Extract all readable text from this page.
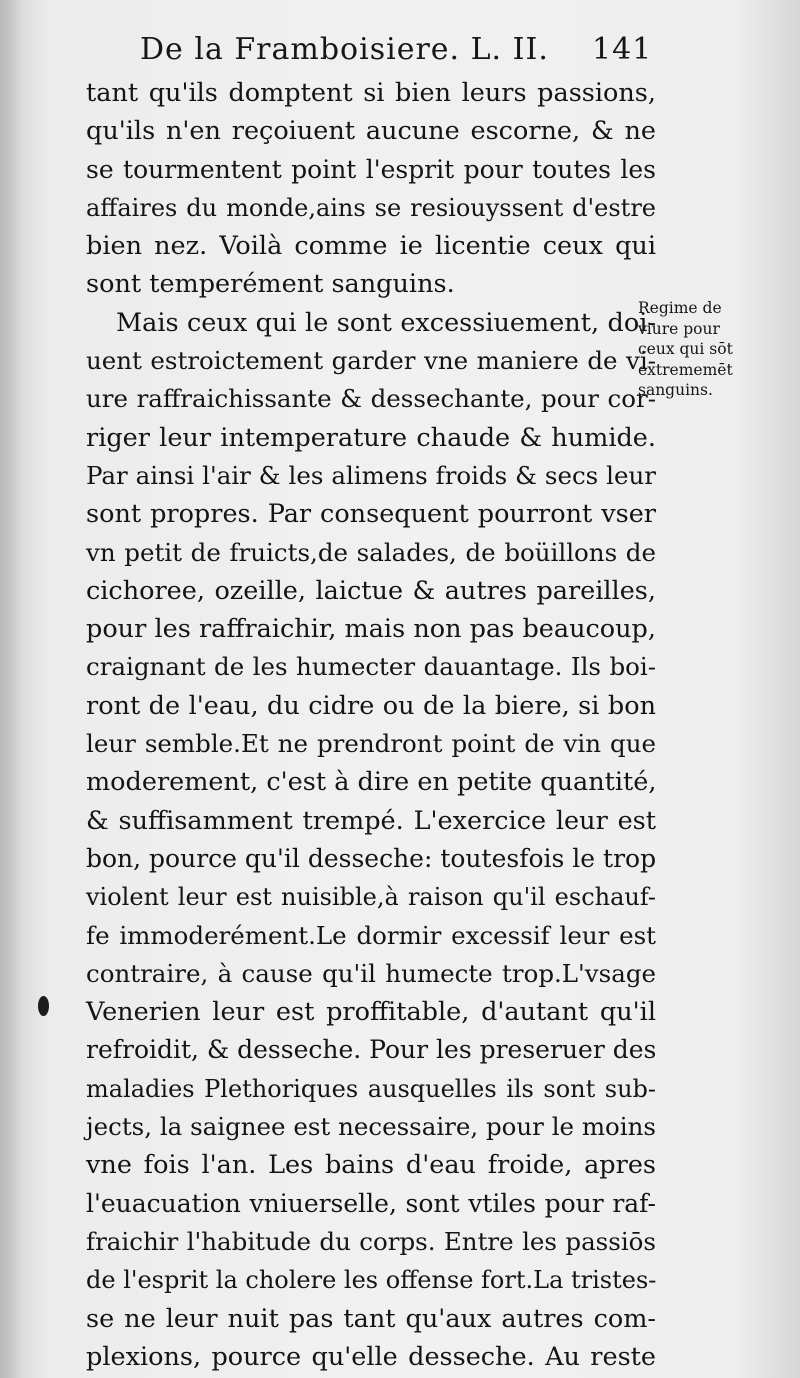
De la Framboisiere. L. II. 141
tant qu'ils domptent si bien leurs passions,
qu'ils n'en reçoiuent aucune escorne, & ne
se tourmentent point l'esprit pour toutes les
affaires du monde,ains se resiouyssent d'estre
bien nez. Voilà comme ie licentie ceux qui
sont temperément sanguins.
Mais ceux qui le sont excessiuement, doi-
uent estroictement garder vne maniere de vi-
ure raffraichissante & dessechante, pour cor-
riger leur intemperature chaude & humide.
Par ainsi l'air & les alimens froids & secs leur
sont propres. Par consequent pourront vser
vn petit de fruicts,de salades, de boüillons de
cichoree, ozeille, laictue & autres pareilles,
pour les raffraichir, mais non pas beaucoup,
craignant de les humecter dauantage. Ils boi-
ront de l'eau, du cidre ou de la biere, si bon
leur semble.Et ne prendront point de vin que
moderement, c'est à dire en petite quantité,
& suffisamment trempé. L'exercice leur est
bon, pource qu'il desseche: toutesfois le trop
violent leur est nuisible,à raison qu'il eschauf-
fe immoderément.Le dormir excessif leur est
contraire, à cause qu'il humecte trop.L'vsage
Venerien leur est proffitable, d'autant qu'il
refroidit, & desseche. Pour les preseruer des
maladies Plethoriques ausquelles ils sont sub-
jects, la saignee est necessaire, pour le moins
vne fois l'an. Les bains d'eau froide, apres
l'euacuation vniuerselle, sont vtiles pour raf-
fraichir l'habitude du corps. Entre les passiōs
de l'esprit la cholere les offense fort.La tristes-
se ne leur nuit pas tant qu'aux autres com-
plexions, pource qu'elle desseche. Au reste
Regime de
viure pour
ceux qui sōt
extrememēt
sanguins.
